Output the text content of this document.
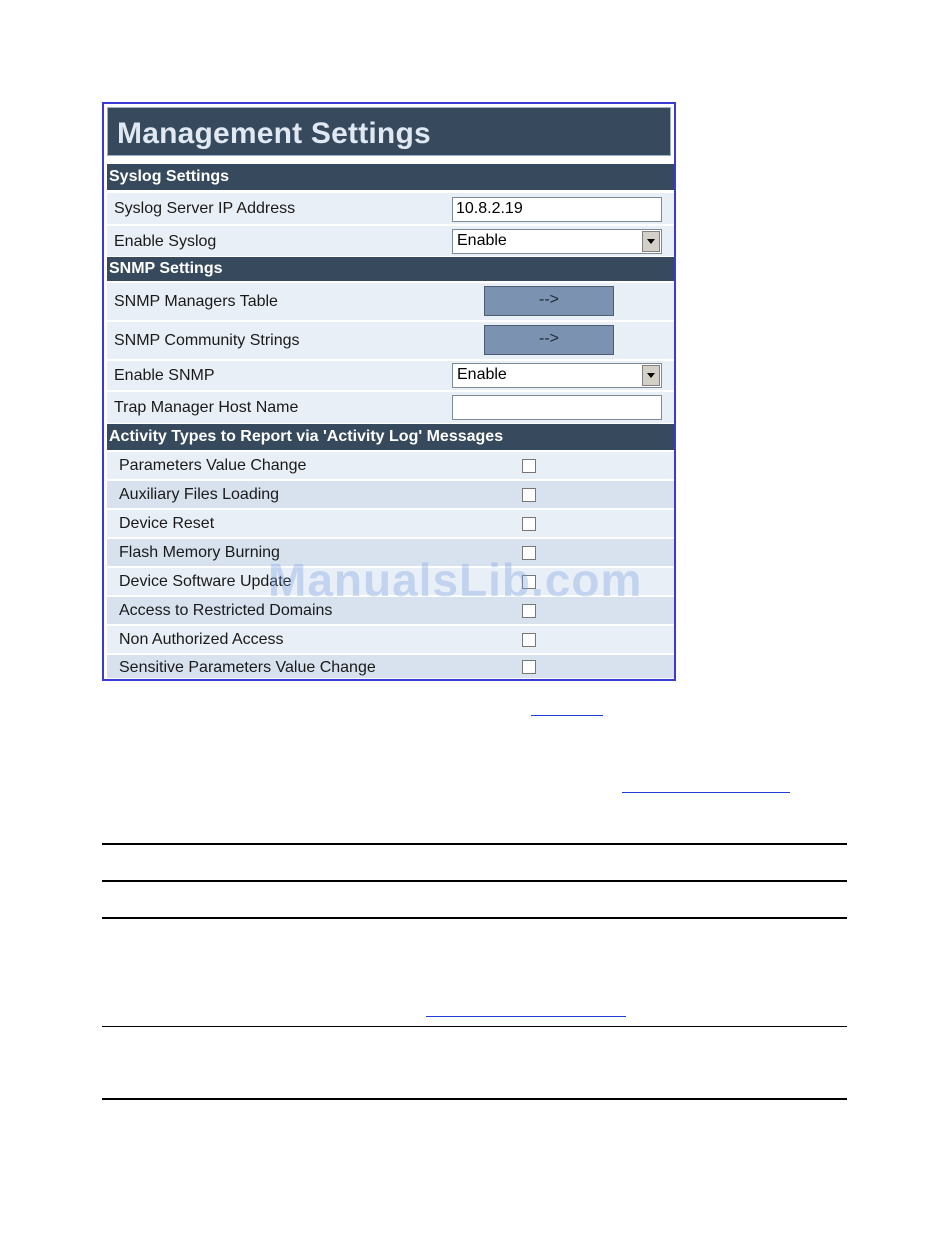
Management Settings
Syslog Settings
Syslog Server IP Address	10.8.2.19
Enable Syslog	Enable
SNMP Settings
SNMP Managers Table	-->
SNMP Community Strings	-->
Enable SNMP	Enable
Trap Manager Host Name
Activity Types to Report via 'Activity Log' Messages
Parameters Value Change
Auxiliary Files Loading
Device Reset
Flash Memory Burning
Device Software Update
Access to Restricted Domains
Non Authorized Access
Sensitive Parameters Value Change
ManualsLib.com
